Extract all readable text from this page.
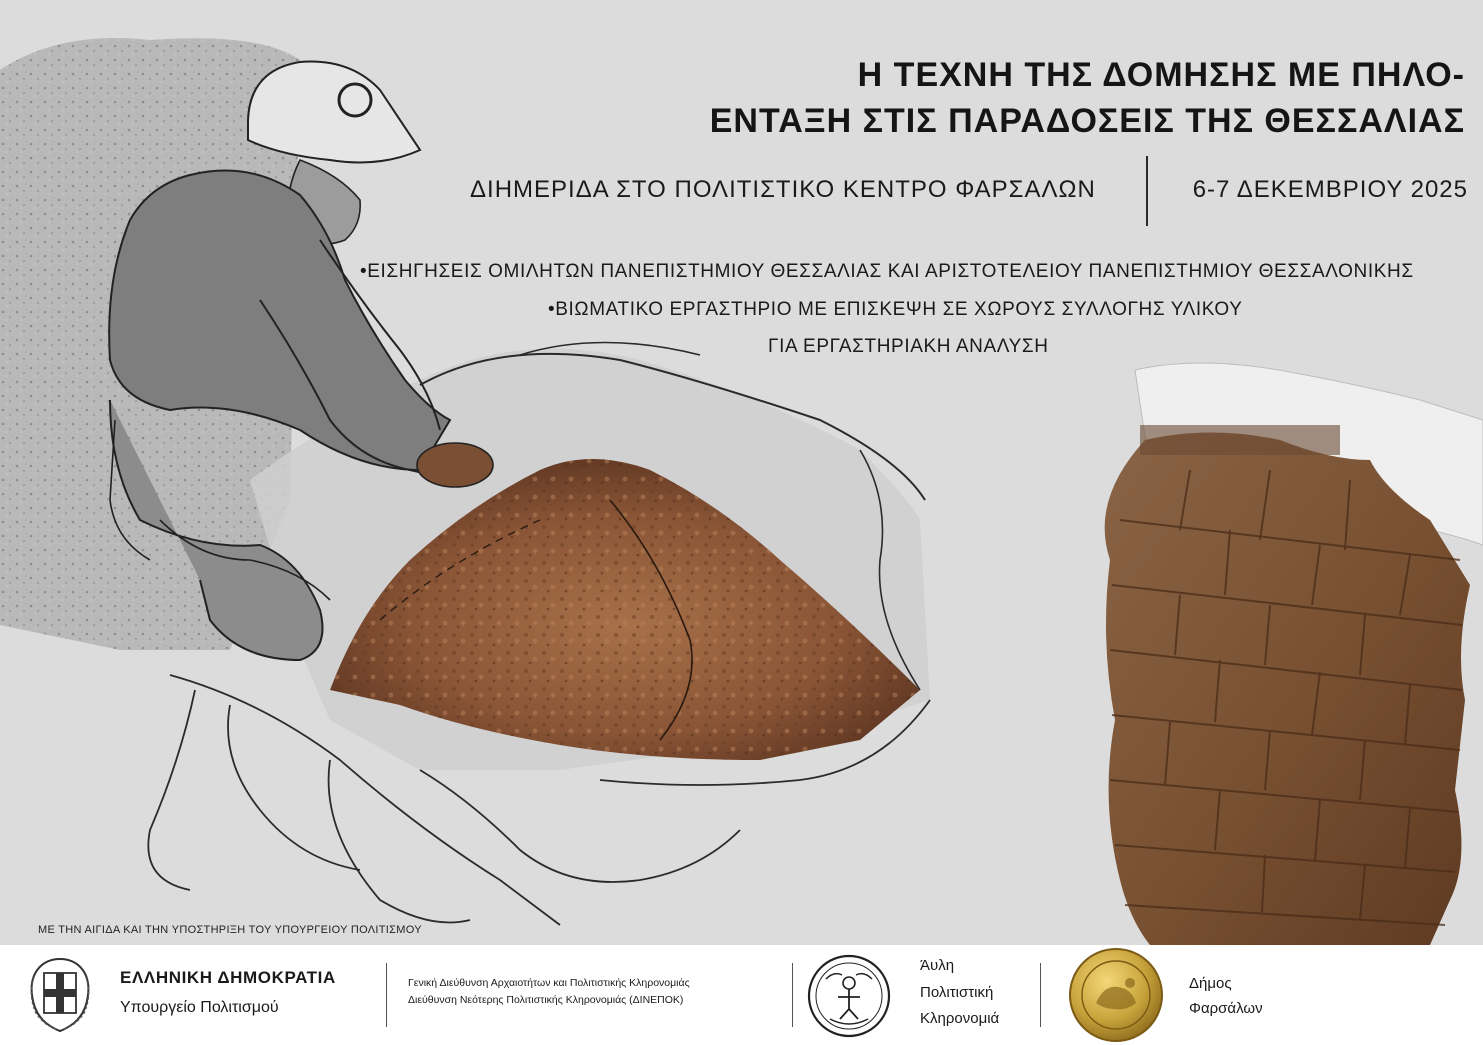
Η ΤΕΧΝΗ ΤΗΣ ΔΟΜΗΣΗΣ ΜΕ ΠΗΛΟ-
ΕΝΤΑΞΗ ΣΤΙΣ ΠΑΡΑΔΟΣΕΙΣ ΤΗΣ ΘΕΣΣΑΛΙΑΣ
ΔΙΗΜΕΡΙΔΑ ΣΤΟ ΠΟΛΙΤΙΣΤΙΚΟ ΚΕΝΤΡΟ ΦΑΡΣΑΛΩΝ	6-7 ΔΕΚΕΜΒΡΙΟΥ 2025
•ΕΙΣΗΓΗΣΕΙΣ ΟΜΙΛΗΤΩΝ ΠΑΝΕΠΙΣΤΗΜΙΟΥ ΘΕΣΣΑΛΙΑΣ ΚΑΙ ΑΡΙΣΤΟΤΕΛΕΙΟΥ ΠΑΝΕΠΙΣΤΗΜΙΟΥ ΘΕΣΣΑΛΟΝΙΚΗΣ
•ΒΙΩΜΑΤΙΚΟ ΕΡΓΑΣΤΗΡΙΟ ΜΕ ΕΠΙΣΚΕΨΗ ΣΕ ΧΩΡΟΥΣ ΣΥΛΛΟΓΗΣ ΥΛΙΚΟΥ
ΓΙΑ ΕΡΓΑΣΤΗΡΙΑΚΗ ΑΝΑΛΥΣΗ
ΜΕ ΤΗΝ ΑΙΓΙΔΑ ΚΑΙ ΤΗΝ ΥΠΟΣΤΗΡΙΞΗ ΤΟΥ ΥΠΟΥΡΓΕΙΟΥ ΠΟΛΙΤΙΣΜΟΥ
ΕΛΛΗΝΙΚΗ ΔΗΜΟΚΡΑΤΙΑ
Υπουργείο Πολιτισμού
Γενική Διεύθυνση Αρχαιοτήτων και Πολιτιστικής Κληρονομιάς
Διεύθυνση Νεότερης Πολιτιστικής Κληρονομιάς (ΔΙΝΕΠΟΚ)
Άυλη
Πολιτιστική
Κληρονομιά
Δήμος
Φαρσάλων
